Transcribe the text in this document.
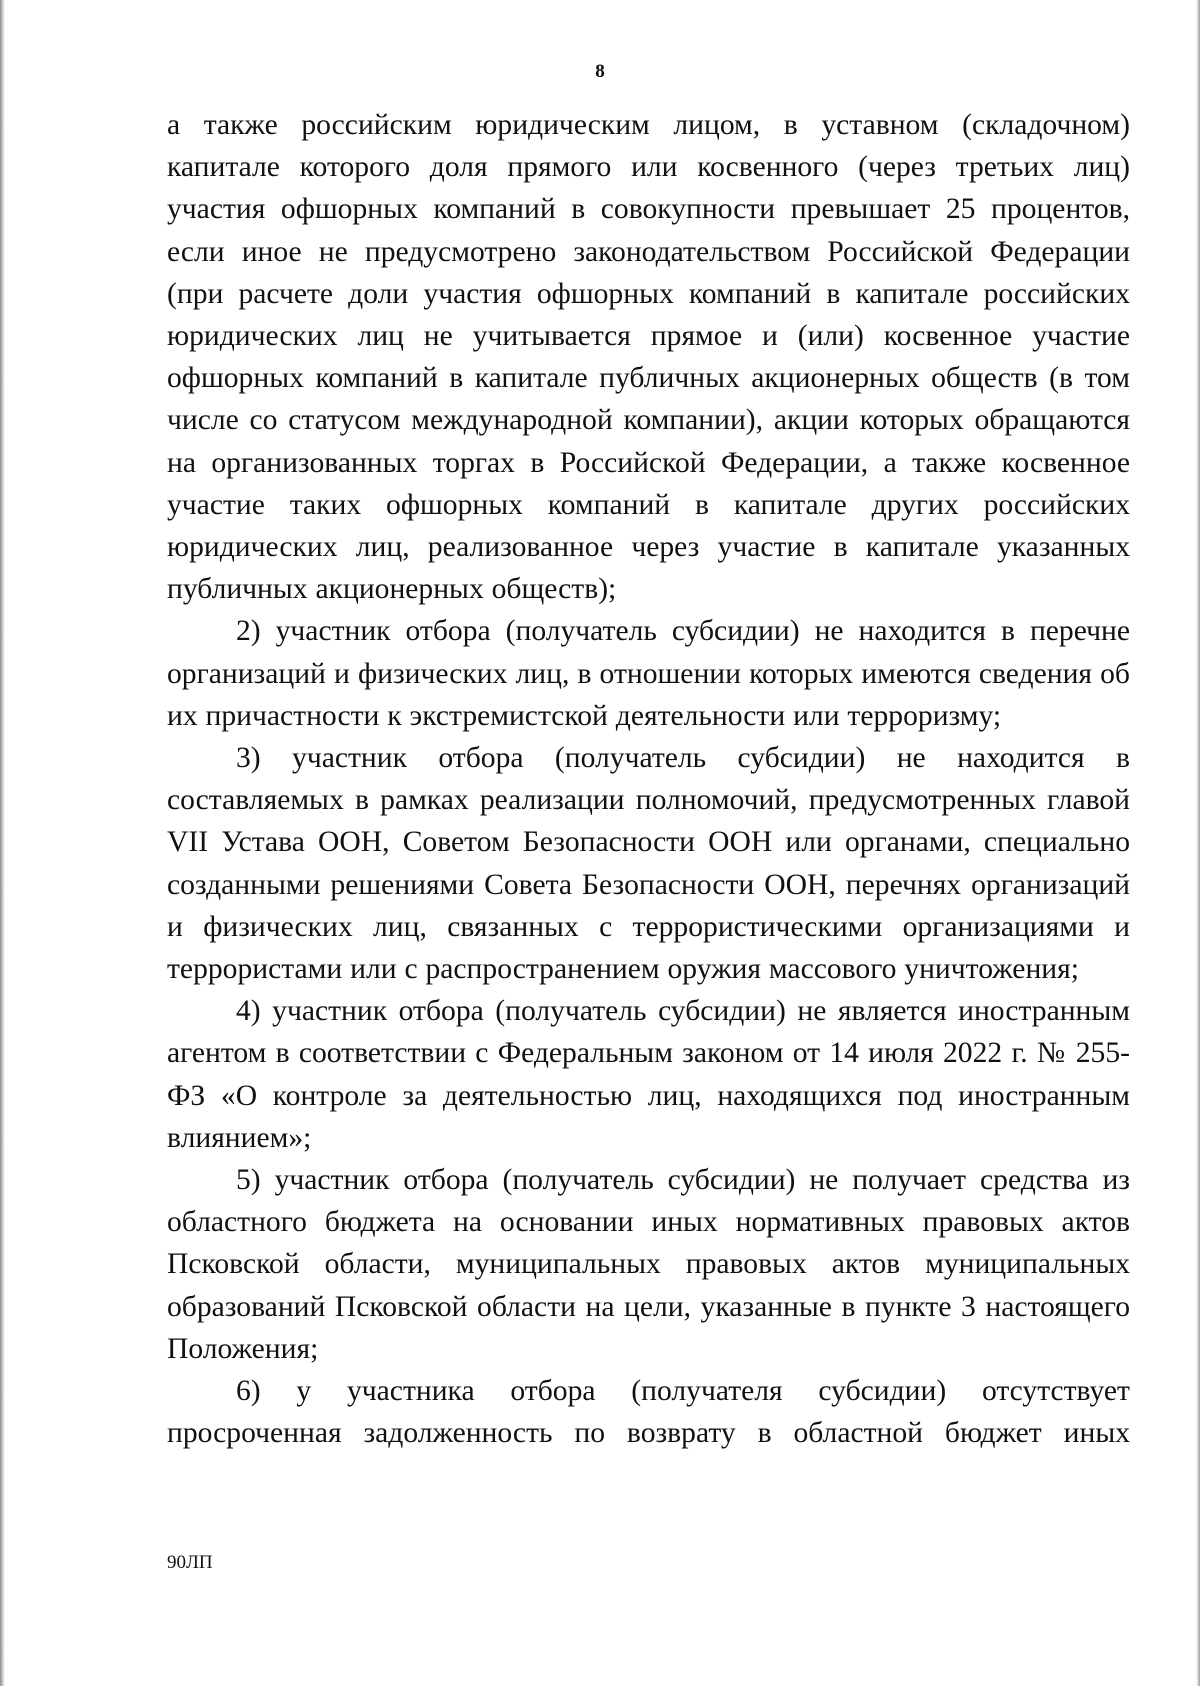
8

а также российским юридическим лицом, в уставном (складочном) капитале которого доля прямого или косвенного (через третьих лиц) участия офшорных компаний в совокупности превышает 25 процентов, если иное не предусмотрено законодательством Российской Федерации (при расчете доли участия офшорных компаний в капитале российских юридических лиц не учитывается прямое и (или) косвенное участие офшорных компаний в капитале публичных акционерных обществ (в том числе со статусом международной компании), акции которых обращаются на организованных торгах в Российской Федерации, а также косвенное участие таких офшорных компаний в капитале других российских юридических лиц, реализованное через участие в капитале указанных публичных акционерных обществ);

2) участник отбора (получатель субсидии) не находится в перечне организаций и физических лиц, в отношении которых имеются сведения об их причастности к экстремистской деятельности или терроризму;

3) участник отбора (получатель субсидии) не находится в составляемых в рамках реализации полномочий, предусмотренных главой VII Устава ООН, Советом Безопасности ООН или органами, специально созданными решениями Совета Безопасности ООН, перечнях организаций и физических лиц, связанных с террористическими организациями и террористами или с распространением оружия массового уничтожения;

4) участник отбора (получатель субсидии) не является иностранным агентом в соответствии с Федеральным законом от 14 июля 2022 г. № 255-ФЗ «О контроле за деятельностью лиц, находящихся под иностранным влиянием»;

5) участник отбора (получатель субсидии) не получает средства из областного бюджета на основании иных нормативных правовых актов Псковской области, муниципальных правовых актов муниципальных образований Псковской области на цели, указанные в пункте 3 настоящего Положения;

6) у участника отбора (получателя субсидии) отсутствует просроченная задолженность по возврату в областной бюджет иных

90ЛП
